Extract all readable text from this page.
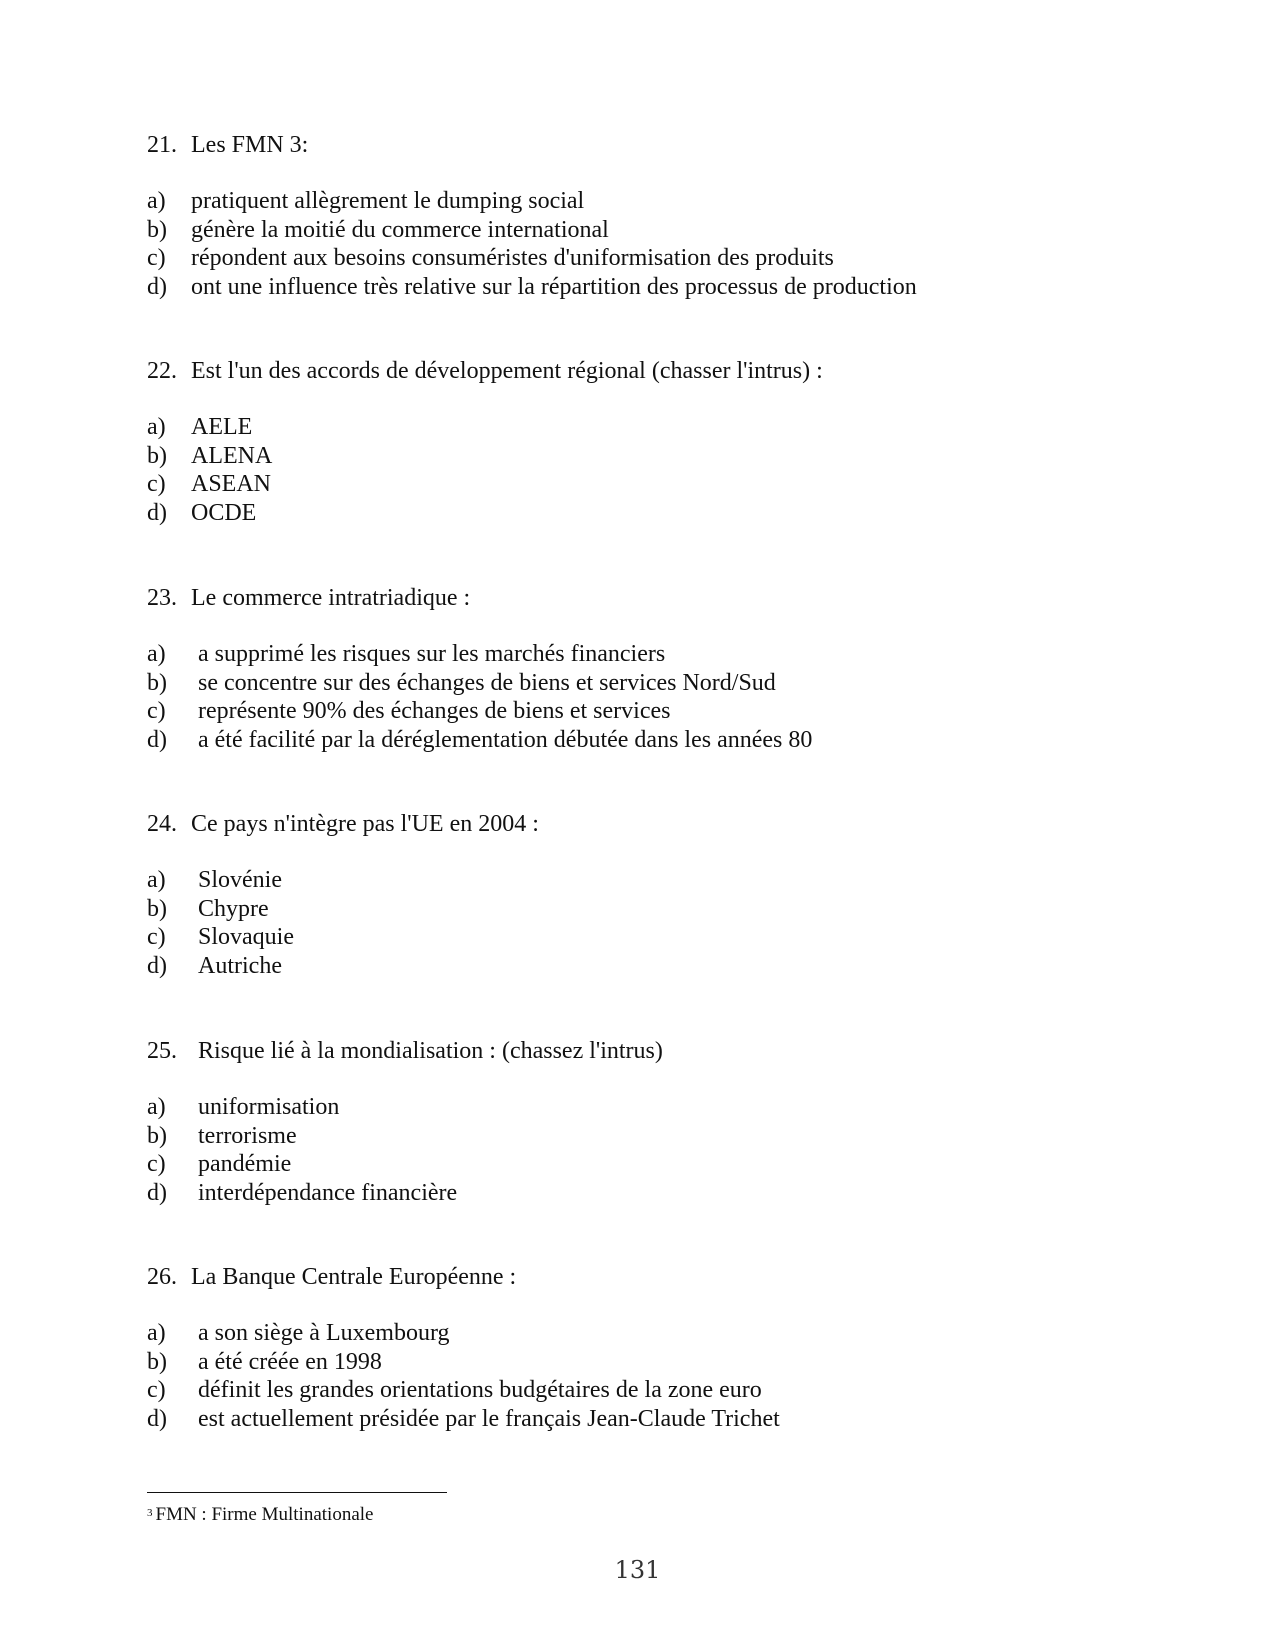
21. Les FMN 3:
a) pratiquent allègrement le dumping social
b) génère la moitié du commerce international
c) répondent aux besoins consuméristes d'uniformisation des produits
d) ont une influence très relative sur la répartition des processus de production
22. Est l'un des accords de développement régional (chasser l'intrus) :
a) AELE
b) ALENA
c) ASEAN
d) OCDE
23. Le commerce intratriadique :
a) a supprimé les risques sur les marchés financiers
b) se concentre sur des échanges de biens et services Nord/Sud
c) représente 90% des échanges de biens et services
d) a été facilité par la déréglementation débutée dans les années 80
24. Ce pays n'intègre pas l'UE en 2004 :
a) Slovénie
b) Chypre
c) Slovaquie
d) Autriche
25. Risque lié à la mondialisation : (chassez l'intrus)
a) uniformisation
b) terrorisme
c) pandémie
d) interdépendance financière
26. La Banque Centrale Européenne :
a) a son siège à Luxembourg
b) a été créée en 1998
c) définit les grandes orientations budgétaires de la zone euro
d) est actuellement présidée par le français Jean-Claude Trichet
$^3$ FMN : Firme Multinationale
131
